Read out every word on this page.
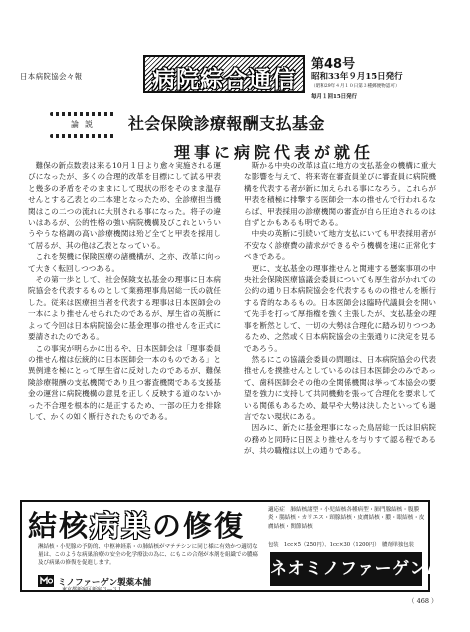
日本病院協会々報	病院綜合通信
第48号
昭和33年９月15日発行
（昭和29年４月１０日第３種郵便物認可）
毎月１回15日発行
論説	社会保険診療報酬支払基金
理事に病院代表が就任

難保の新点数表は来る10月１日より愈々実施される運びになったが、多くの合理的改革を目標にして試る甲表と幾多の矛盾をそのままにして現状の形をそのまま温存せんとする乙表との二本建となったため、全診療担当機関はこの二つの流れに大別される事になった。将子の違いはあるが、公的性格の強い病院機構及びこれといういうやうな格調の高い診療機関は殆ど全てと甲表を採用して居るが、其の他は乙表となっている。

これを契機に保険医療の諸機構が、之亦、改革に向って大きく転回しつつある。

その第一歩として、社会保険支払基金の理事に日本病院協会を代表するものとして業務理事鳥居総一氏の就任した。従来は医療担当者を代表する理事は日本医師会の一本により推せんせられたのであるが、厚生省の英断によって今回は日本病院協会に基金理事の推せんを正式に要請されたのである。

この事実が明らかに出るや、日本医師会は「理事委員の推せん権は伝統的に日本医師会一本のものである」と異例達を極にとって厚生省に反対したのであるが、難保険診療報酬の支払機関であり且つ審査機関である支援基金の運営に病院機構の意見を正しく反映する道のないかった不合理を根本的に是正するため、一部の圧力を排除して、かくの如く断行されたものである。

斯かる中央の改革は直に地方の支払基金の機構に重大な影響を与えて、将来寄在審査員並びに審査員に病院機構を代表する者が新に加えられる事になろう。これらが甲表を積極に排撃する医師会一本の推せんで行われるならば、甲表採用の診療機関の審査が自ら圧迫されるのは自ずとかもあるも明である。

中央の英断に引続いて地方支払にいても甲表採用者が不安なく診療費の請求ができるやう機構を速に正常化すべきである。

更に、支払基金の理事推せんと関連する懸案事項の中央社会保険医療協議会委員についても厚生省がかれての公約の通り日本病院協会を代表するものの推せんを断行する背的なあるもの。日本医師会は臨時代議員会を開いて先手を打って厚指権を強く主張したが、支払基金の理事を断然として、一切の大勢は合理化に踏み切りつつあるため、之然或く日本病院協会の主張通りに決定を見るであろう。

然るにこの協議会委員の問題は、日本病院協会の代表推せんを撲推せんとしているのは日本医師会のみであって、歯科医師会その他の全関係機関は挙って本協会の要望を強力に支持して共同機動を張って合理化を要求している関係もあるため、最早や大勢は決したといっても過言でない現状にある。

因みに、新たに基金理事になった鳥居総一氏は旧病院の務めと同時に日医より推せんを与りすて認る程であるが、共の職権は以上の通りである。

結核病巣の修復	適応症　肺結核諸型・小児結核各種病型・肺門腺結核・腹膜炎・腸結核・カリエス・頸腺結核・皮膚結核・膿・眼結核・皮膚結核・関節結核
淋結核・小児腺の予防的、中枢神経系・の肺結核がマテテシンに同じ様に有効かつ適切な量は、このような病巣治療の安全の化学療法の為に、にもこの合剤が本剤を組織での膿瘍及び病巣の修復を促進します。
包装　1cc×5（250円）、1cc×30（1200円）　膿剤単独包装
ミノファーゲン製薬本舗
東京都新宿区新宿３―３１
ネオミノファーゲンA・T
（ 468 ）
